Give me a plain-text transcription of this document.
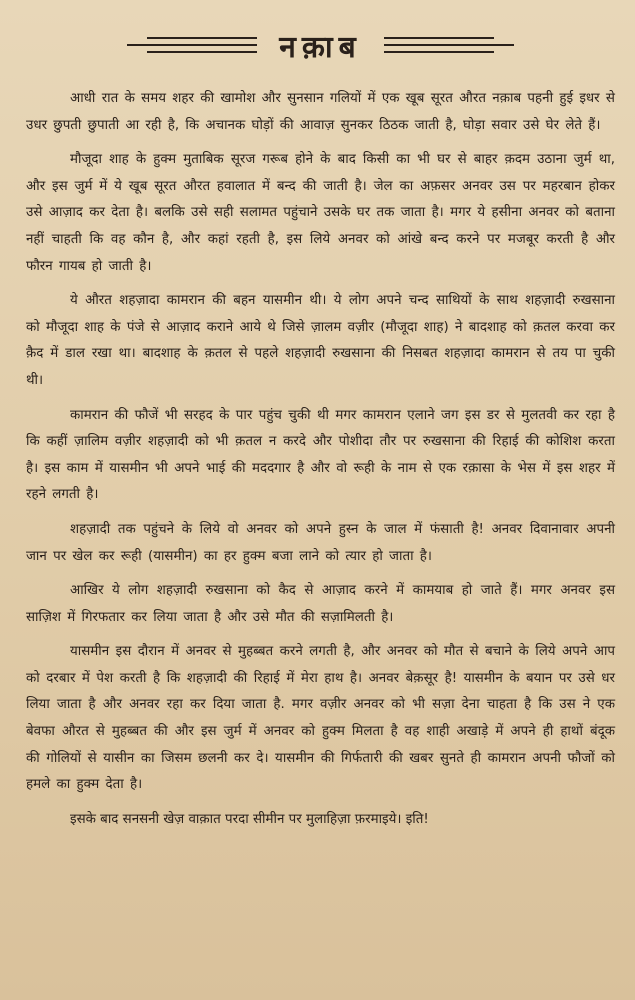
नक़ाब

आधी रात के समय शहर की खामोश और सुनसान गलियों में एक खूब सूरत औरत नक़ाब पहनी हुई इधर से उधर छुपती छुपाती आ रही है, कि अचानक घोड़ों की आवाज़ सुनकर ठिठक जाती है, घोड़ा सवार उसे घेर लेते हैं।

मौजूदा शाह के हुक्म मुताबिक सूरज गरूब होने के बाद किसी का भी घर से बाहर क़दम उठाना जुर्म था, और इस जुर्म में ये खूब सूरत औरत हवालात में बन्द की जाती है। जेल का अफ़सर अनवर उस पर महरबान होकर उसे आज़ाद कर देता है। बलकि उसे सही सलामत पहुंचाने उसके घर तक जाता है। मगर ये हसीना अनवर को बताना नहीं चाहती कि वह कौन है, और कहां रहती है, इस लिये अनवर को आंखे बन्द करने पर मजबूर करती है और फौरन गायब हो जाती है।

ये औरत शहज़ादा कामरान की बहन यासमीन थी। ये लोग अपने चन्द साथियों के साथ शहज़ादी रुखसाना को मौजूदा शाह के पंजे से आज़ाद कराने आये थे जिसे ज़ालम वज़ीर (मौजूदा शाह) ने बादशाह को क़तल करवा कर क़ैद में डाल रखा था। बादशाह के क़तल से पहले शहज़ादी रुखसाना की निसबत शहज़ादा कामरान से तय पा चुकी थी।

कामरान की फौजें भी सरहद के पार पहुंच चुकी थी मगर कामरान एलाने जग इस डर से मुलतवी कर रहा है कि कहीं ज़ालिम वज़ीर शहज़ादी को भी क़तल न करदे और पोशीदा तौर पर रुखसाना की रिहाई की कोशिश करता है। इस काम में यासमीन भी अपने भाई की मददगार है और वो रूही के नाम से एक रक़ासा के भेस में इस शहर में रहने लगती है।

शहज़ादी तक पहुंचने के लिये वो अनवर को अपने हुस्न के जाल में फंसाती है! अनवर दिवानावार अपनी जान पर खेल कर रूही (यासमीन) का हर हुक्म बजा लाने को त्यार हो जाता है।

आखिर ये लोग शहज़ादी रुखसाना को कैद से आज़ाद करने में कामयाब हो जाते हैं। मगर अनवर इस साज़िश में गिरफतार कर लिया जाता है और उसे मौत की सज़ामिलती है।

यासमीन इस दौरान में अनवर से मुहब्बत करने लगती है, और अनवर को मौत से बचाने के लिये अपने आप को दरबार में पेश करती है कि शहज़ादी की रिहाई में मेरा हाथ है। अनवर बेक़सूर है! यासमीन के बयान पर उसे धर लिया जाता है और अनवर रहा कर दिया जाता है. मगर वज़ीर अनवर को भी सज़ा देना चाहता है कि उस ने एक बेवफा औरत से मुहब्बत की और इस जुर्म में अनवर को हुक्म मिलता है वह शाही अखाड़े में अपने ही हाथों बंदूक की गोलियों से यासीन का जिसम छलनी कर दे। यासमीन की गिर्फतारी की खबर सुनते ही कामरान अपनी फौजों को हमले का हुक्म देता है।

इसके बाद सनसनी खेज़ वाक़ात परदा सीमीन पर मुलाहिज़ा फ़रमाइये। इति!
